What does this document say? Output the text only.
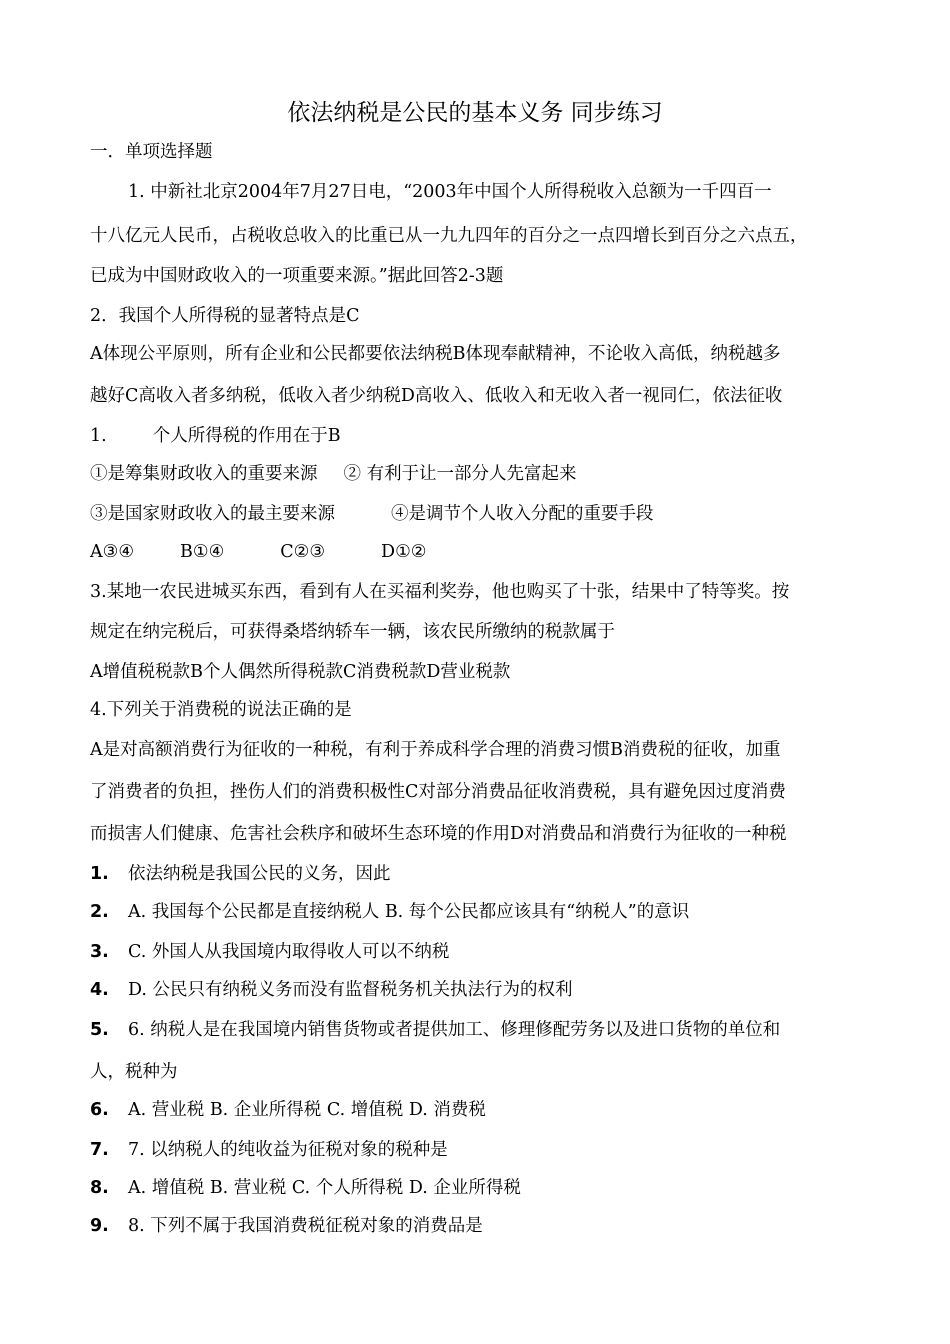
依法纳税是公民的基本义务 同步练习
一．单项选择题
1. 中新社北京2004年7月27日电，“2003年中国个人所得税收入总额为一千四百一
十八亿元人民币，占税收总收入的比重已从一九九四年的百分之一点四增长到百分之六点五，
已成为中国财政收入的一项重要来源。”据此回答2-3题
2．我国个人所得税的显著特点是C
A体现公平原则，所有企业和公民都要依法纳税B体现奉献精神，不论收入高低，纳税越多
越好C高收入者多纳税，低收入者少纳税D高收入、低收入和无收入者一视同仁，依法征收
1.	个人所得税的作用在于B
①是筹集财政收入的重要来源 ② 有利于让一部分人先富起来
③是国家财政收入的最主要来源	④是调节个人收入分配的重要手段
A③④	B①④	C②③	D①②
3.某地一农民进城买东西，看到有人在买福利奖券，他也购买了十张，结果中了特等奖。按
规定在纳完税后，可获得桑塔纳轿车一辆，该农民所缴纳的税款属于
A增值税税款B个人偶然所得税款C消费税款D营业税款
4.下列关于消费税的说法正确的是
A是对高额消费行为征收的一种税，有利于养成科学合理的消费习惯B消费税的征收，加重
了消费者的负担，挫伤人们的消费积极性C对部分消费品征收消费税，具有避免因过度消费
而损害人们健康、危害社会秩序和破坏生态环境的作用D对消费品和消费行为征收的一种税
1. 依法纳税是我国公民的义务，因此
2. A. 我国每个公民都是直接纳税人 B. 每个公民都应该具有“纳税人”的意识
3. C. 外国人从我国境内取得收人可以不纳税
4. D. 公民只有纳税义务而没有监督税务机关执法行为的权利
5. 6. 纳税人是在我国境内销售货物或者提供加工、修理修配劳务以及进口货物的单位和
人，税种为
6. A. 营业税 B. 企业所得税 C. 增值税 D. 消费税
7. 7. 以纳税人的纯收益为征税对象的税种是
8. A. 增值税 B. 营业税 C. 个人所得税 D. 企业所得税
9. 8. 下列不属于我国消费税征税对象的消费品是
